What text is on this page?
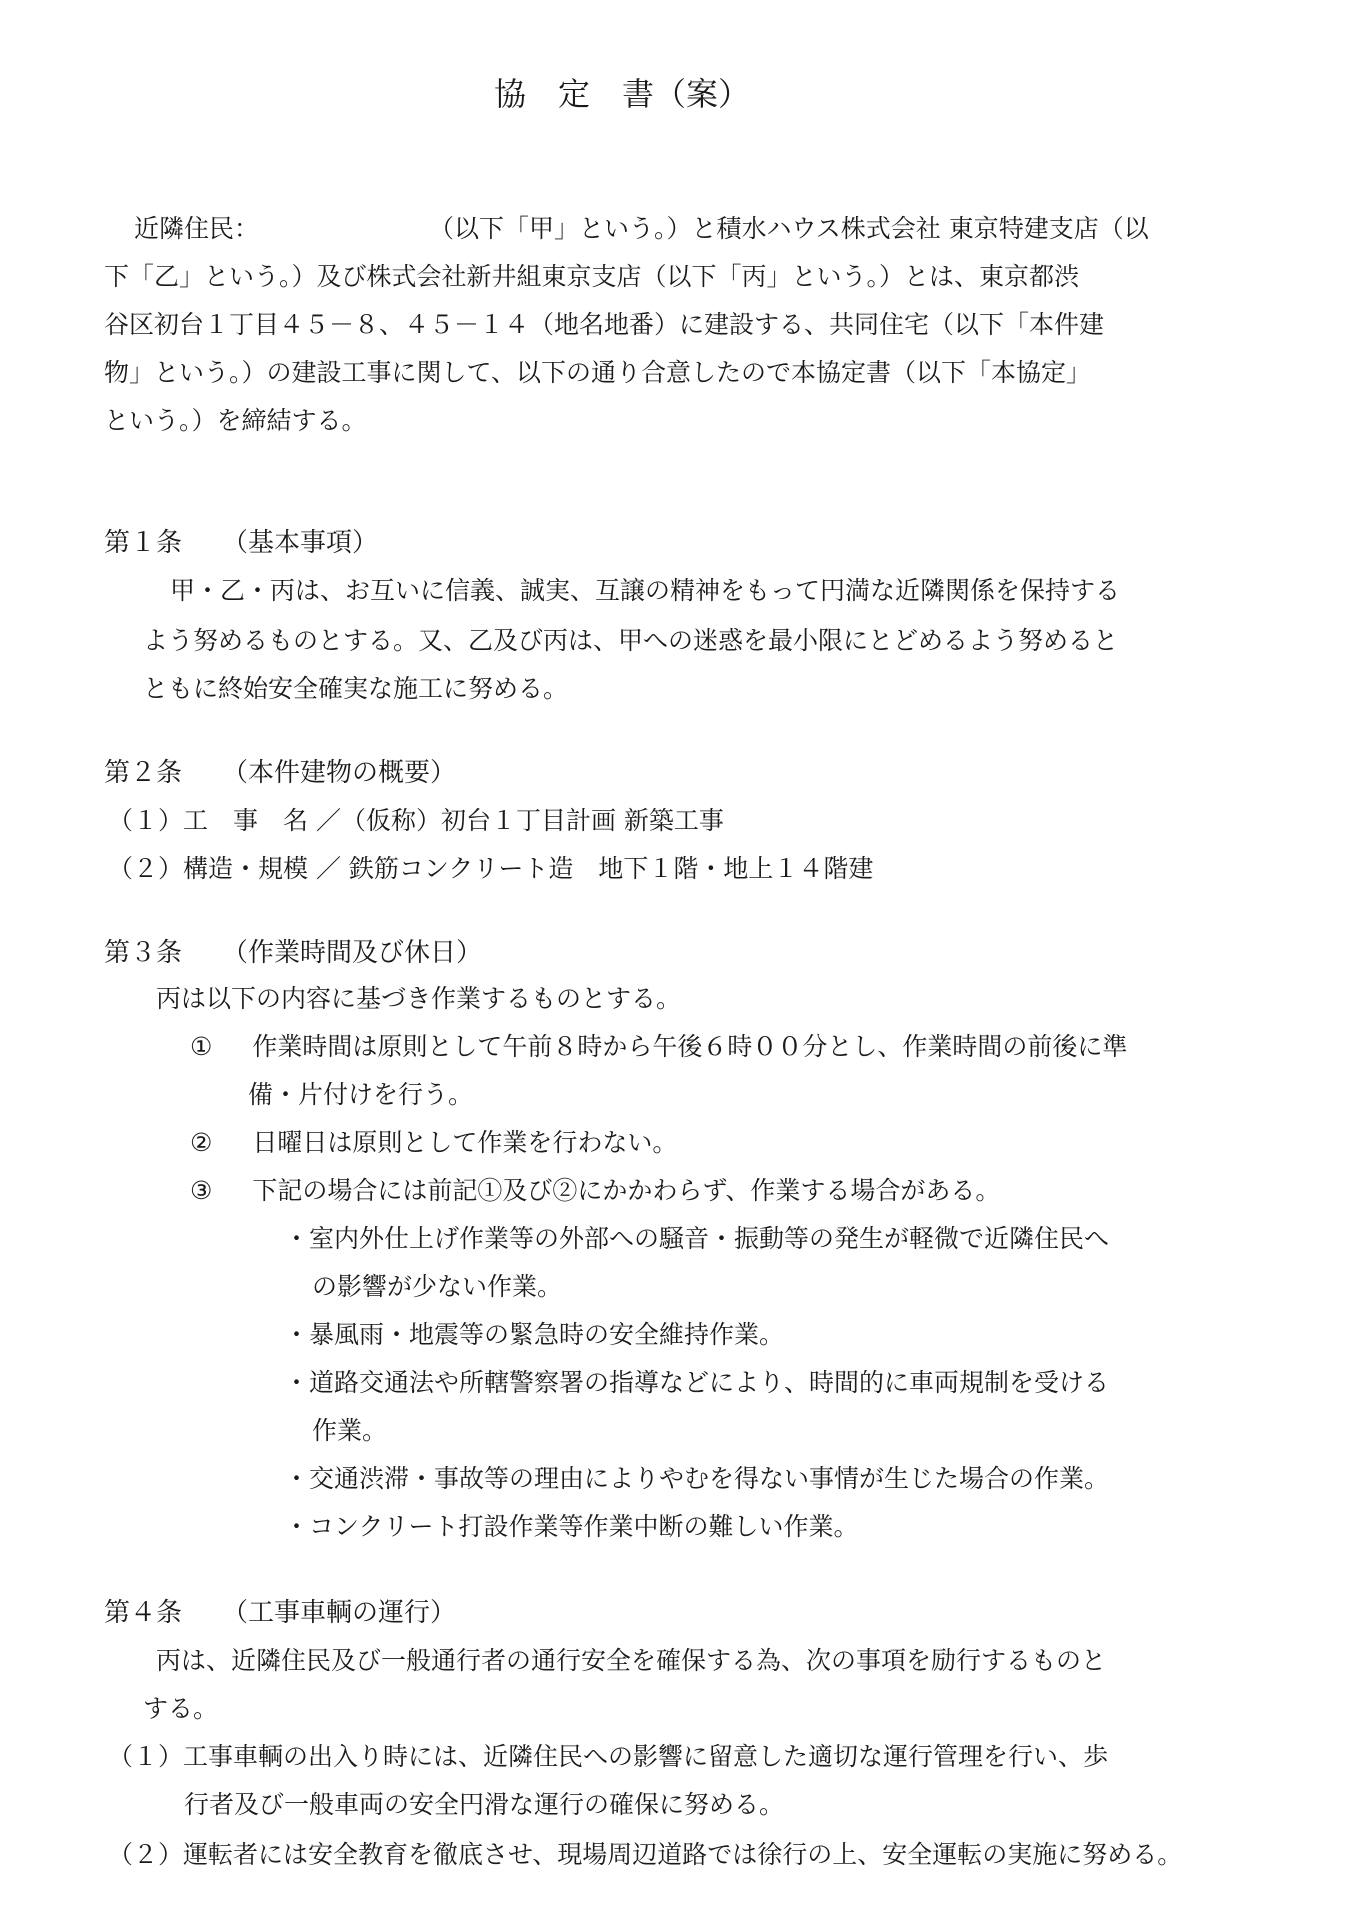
協　定　書（案）
近隣住民：	（以下「甲」という。）と積水ハウス株式会社 東京特建支店（以
下「乙」という。）及び株式会社新井組東京支店（以下「丙」という。）とは、東京都渋
谷区初台１丁目４５－８、４５－１４（地名地番）に建設する、共同住宅（以下「本件建
物」という。）の建設工事に関して、以下の通り合意したので本協定書（以下「本協定」
という。）を締結する。
第１条 （基本事項）
甲・乙・丙は、お互いに信義、誠実、互譲の精神をもって円満な近隣関係を保持する
よう努めるものとする。又、乙及び丙は、甲への迷惑を最小限にとどめるよう努めると
ともに終始安全確実な施工に努める。
第２条 （本件建物の概要）
（１）工　事　名 ／（仮称）初台１丁目計画 新築工事
（２）構造・規模 ／ 鉄筋コンクリート造　地下１階・地上１４階建
第３条 （作業時間及び休日）
丙は以下の内容に基づき作業するものとする。
① 作業時間は原則として午前８時から午後６時００分とし、作業時間の前後に準
備・片付けを行う。
② 日曜日は原則として作業を行わない。
③ 下記の場合には前記①及び②にかかわらず、作業する場合がある。
・室内外仕上げ作業等の外部への騒音・振動等の発生が軽微で近隣住民へ
の影響が少ない作業。
・暴風雨・地震等の緊急時の安全維持作業。
・道路交通法や所轄警察署の指導などにより、時間的に車両規制を受ける
作業。
・交通渋滞・事故等の理由によりやむを得ない事情が生じた場合の作業。
・コンクリート打設作業等作業中断の難しい作業。
第４条 （工事車輌の運行）
丙は、近隣住民及び一般通行者の通行安全を確保する為、次の事項を励行するものと
する。
（１）工事車輌の出入り時には、近隣住民への影響に留意した適切な運行管理を行い、歩
行者及び一般車両の安全円滑な運行の確保に努める。
（２）運転者には安全教育を徹底させ、現場周辺道路では徐行の上、安全運転の実施に努める。
